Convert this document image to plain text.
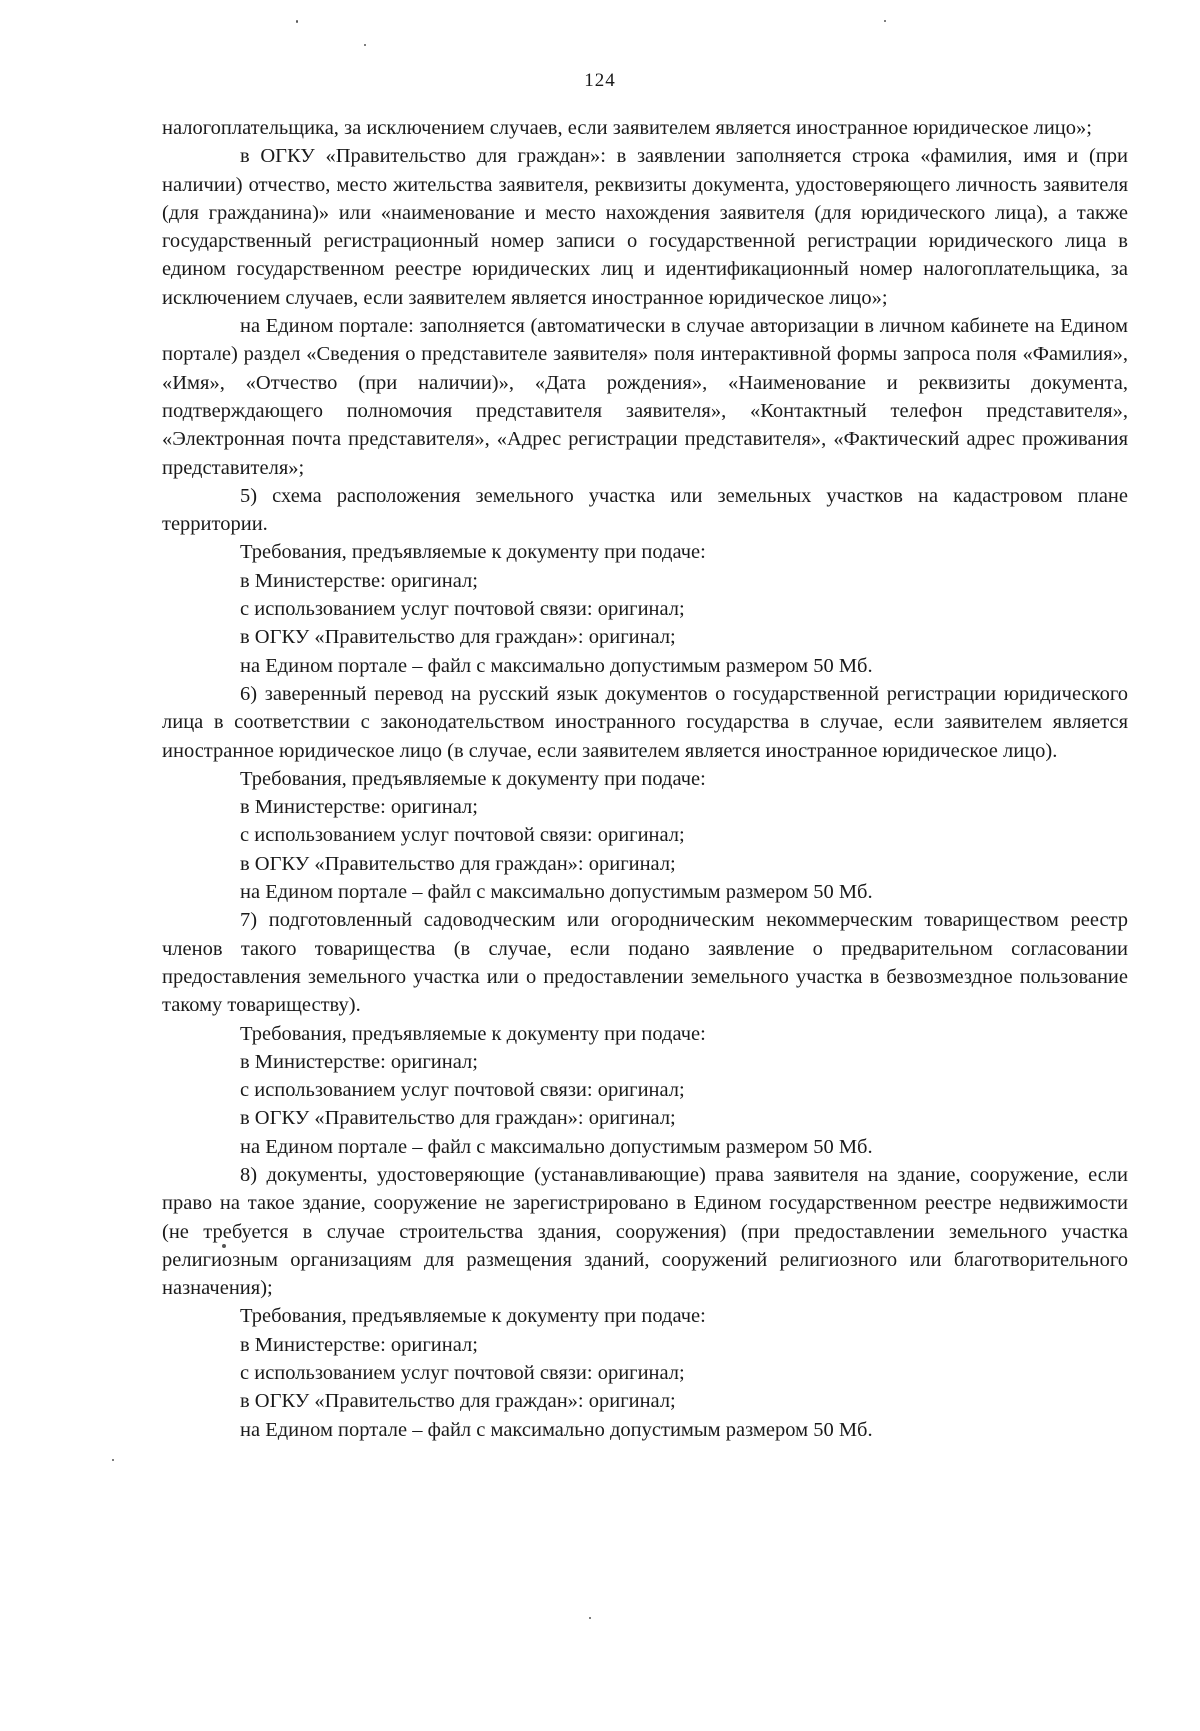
124

налогоплательщика, за исключением случаев, если заявителем является иностранное юридическое лицо»;

в ОГКУ «Правительство для граждан»: в заявлении заполняется строка «фамилия, имя и (при наличии) отчество, место жительства заявителя, реквизиты документа, удостоверяющего личность заявителя (для гражданина)» или «наименование и место нахождения заявителя (для юридического лица), а также государственный регистрационный номер записи о государственной регистрации юридического лица в едином государственном реестре юридических лиц и идентификационный номер налогоплательщика, за исключением случаев, если заявителем является иностранное юридическое лицо»;

на Едином портале: заполняется (автоматически в случае авторизации в личном кабинете на Едином портале) раздел «Сведения о представителе заявителя» поля интерактивной формы запроса поля «Фамилия», «Имя», «Отчество (при наличии)», «Дата рождения», «Наименование и реквизиты документа, подтверждающего полномочия представителя заявителя», «Контактный телефон представителя», «Электронная почта представителя», «Адрес регистрации представителя», «Фактический адрес проживания представителя»;

5) схема расположения земельного участка или земельных участков на кадастровом плане территории.

Требования, предъявляемые к документу при подаче:

в Министерстве: оригинал;

с использованием услуг почтовой связи: оригинал;

в ОГКУ «Правительство для граждан»: оригинал;

на Едином портале – файл с максимально допустимым размером 50 Мб.

6) заверенный перевод на русский язык документов о государственной регистрации юридического лица в соответствии с законодательством иностранного государства в случае, если заявителем является иностранное юридическое лицо (в случае, если заявителем является иностранное юридическое лицо).

Требования, предъявляемые к документу при подаче:

в Министерстве: оригинал;

с использованием услуг почтовой связи: оригинал;

в ОГКУ «Правительство для граждан»: оригинал;

на Едином портале – файл с максимально допустимым размером 50 Мб.

7) подготовленный садоводческим или огородническим некоммерческим товариществом реестр членов такого товарищества (в случае, если подано заявление о предварительном согласовании предоставления земельного участка или о предоставлении земельного участка в безвозмездное пользование такому товариществу).

Требования, предъявляемые к документу при подаче:

в Министерстве: оригинал;

с использованием услуг почтовой связи: оригинал;

в ОГКУ «Правительство для граждан»: оригинал;

на Едином портале – файл с максимально допустимым размером 50 Мб.

8) документы, удостоверяющие (устанавливающие) права заявителя на здание, сооружение, если право на такое здание, сооружение не зарегистрировано в Едином государственном реестре недвижимости (не требуется в случае строительства здания, сооружения) (при предоставлении земельного участка религиозным организациям для размещения зданий, сооружений религиозного или благотворительного назначения);

Требования, предъявляемые к документу при подаче:

в Министерстве: оригинал;

с использованием услуг почтовой связи: оригинал;

в ОГКУ «Правительство для граждан»: оригинал;

на Едином портале – файл с максимально допустимым размером 50 Мб.
